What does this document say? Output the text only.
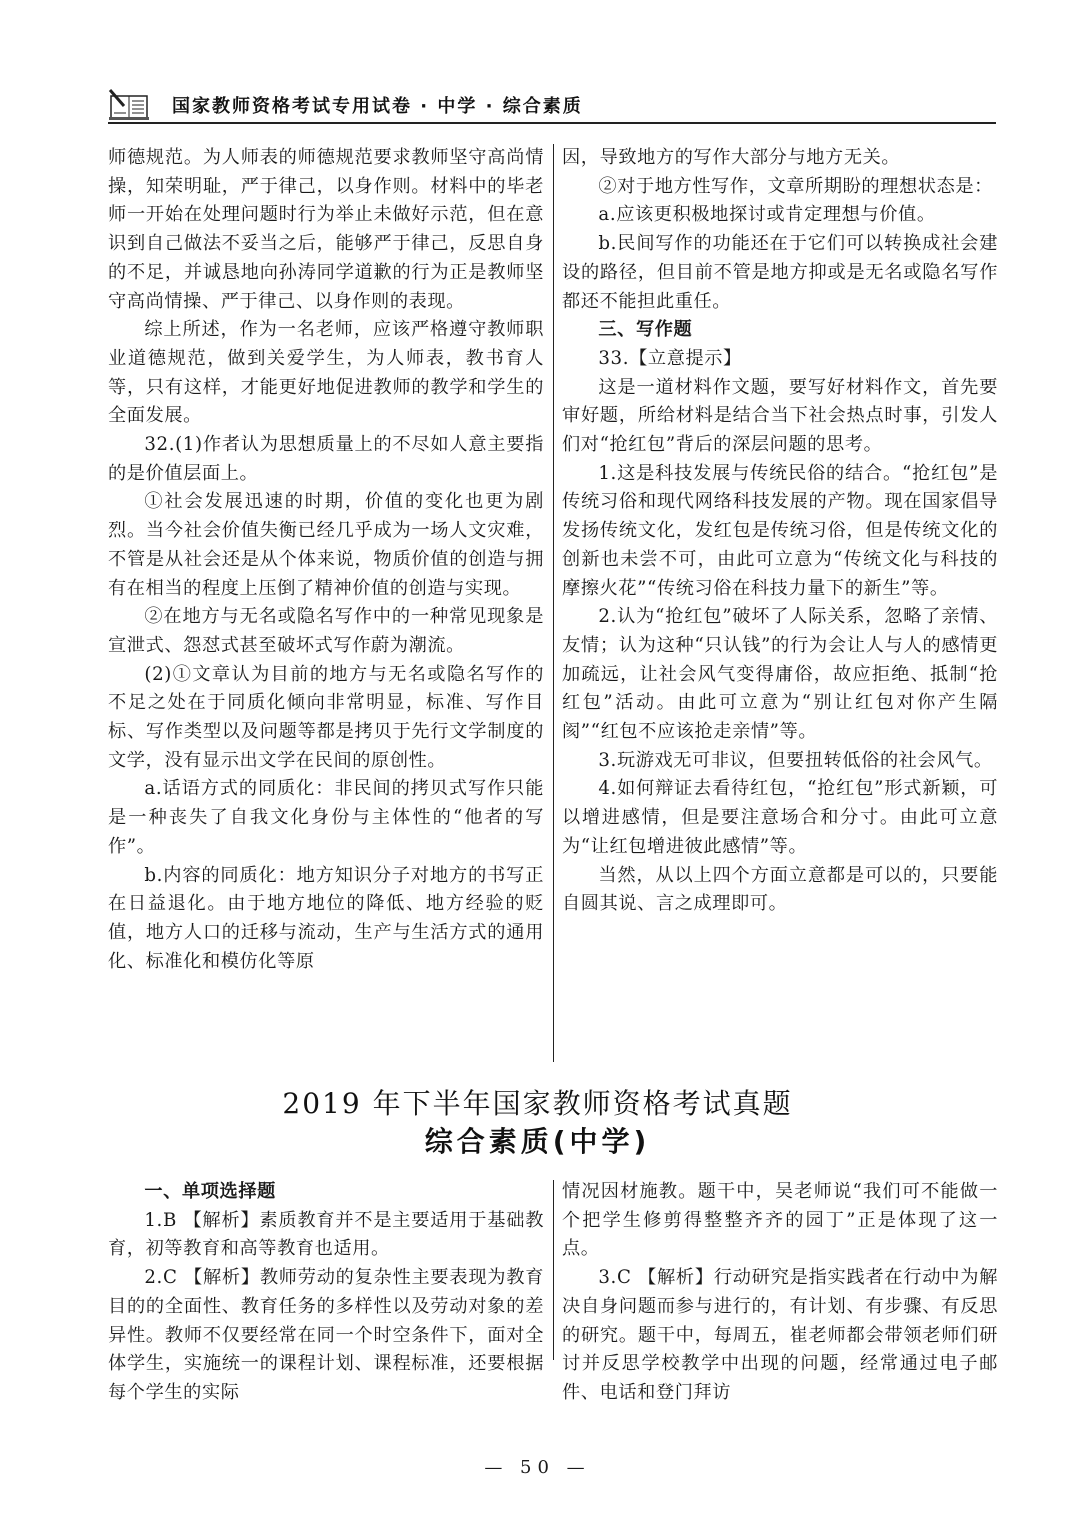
国家教师资格考试专用试卷 · 中学 · 综合素质

师德规范。为人师表的师德规范要求教师坚守高尚情操，知荣明耻，严于律己，以身作则。材料中的毕老师一开始在处理问题时行为举止未做好示范，但在意识到自己做法不妥当之后，能够严于律己，反思自身的不足，并诚恳地向孙涛同学道歉的行为正是教师坚守高尚情操、严于律己、以身作则的表现。

综上所述，作为一名老师，应该严格遵守教师职业道德规范，做到关爱学生，为人师表，教书育人等，只有这样，才能更好地促进教师的教学和学生的全面发展。

32.(1)作者认为思想质量上的不尽如人意主要指的是价值层面上。

①社会发展迅速的时期，价值的变化也更为剧烈。当今社会价值失衡已经几乎成为一场人文灾难，不管是从社会还是从个体来说，物质价值的创造与拥有在相当的程度上压倒了精神价值的创造与实现。

②在地方与无名或隐名写作中的一种常见现象是宣泄式、怨怼式甚至破坏式写作蔚为潮流。

(2)①文章认为目前的地方与无名或隐名写作的不足之处在于同质化倾向非常明显，标准、写作目标、写作类型以及问题等都是拷贝于先行文学制度的文学，没有显示出文学在民间的原创性。

a.话语方式的同质化：非民间的拷贝式写作只能是一种丧失了自我文化身份与主体性的“他者的写作”。

b.内容的同质化：地方知识分子对地方的书写正在日益退化。由于地方地位的降低、地方经验的贬值，地方人口的迁移与流动，生产与生活方式的通用化、标准化和模仿化等原

因，导致地方的写作大部分与地方无关。

②对于地方性写作，文章所期盼的理想状态是：

a.应该更积极地探讨或肯定理想与价值。

b.民间写作的功能还在于它们可以转换成社会建设的路径，但目前不管是地方抑或是无名或隐名写作都还不能担此重任。

三、写作题

33.【立意提示】

这是一道材料作文题，要写好材料作文，首先要审好题，所给材料是结合当下社会热点时事，引发人们对“抢红包”背后的深层问题的思考。

1.这是科技发展与传统民俗的结合。“抢红包”是传统习俗和现代网络科技发展的产物。现在国家倡导发扬传统文化，发红包是传统习俗，但是传统文化的创新也未尝不可，由此可立意为“传统文化与科技的摩擦火花”“传统习俗在科技力量下的新生”等。

2.认为“抢红包”破坏了人际关系，忽略了亲情、友情；认为这种“只认钱”的行为会让人与人的感情更加疏远，让社会风气变得庸俗，故应拒绝、抵制“抢红包”活动。由此可立意为“别让红包对你产生隔阂”“红包不应该抢走亲情”等。

3.玩游戏无可非议，但要扭转低俗的社会风气。

4.如何辩证去看待红包，“抢红包”形式新颖，可以增进感情，但是要注意场合和分寸。由此可立意为“让红包增进彼此感情”等。

当然，从以上四个方面立意都是可以的，只要能自圆其说、言之成理即可。

2019 年下半年国家教师资格考试真题
综合素质(中学)

一、单项选择题

1.B 【解析】素质教育并不是主要适用于基础教育，初等教育和高等教育也适用。

2.C 【解析】教师劳动的复杂性主要表现为教育目的的全面性、教育任务的多样性以及劳动对象的差异性。教师不仅要经常在同一个时空条件下，面对全体学生，实施统一的课程计划、课程标准，还要根据每个学生的实际

情况因材施教。题干中，吴老师说“我们可不能做一个把学生修剪得整整齐齐的园丁”正是体现了这一点。

3.C 【解析】行动研究是指实践者在行动中为解决自身问题而参与进行的，有计划、有步骤、有反思的研究。题干中，每周五，崔老师都会带领老师们研讨并反思学校教学中出现的问题，经常通过电子邮件、电话和登门拜访

— 50 —
